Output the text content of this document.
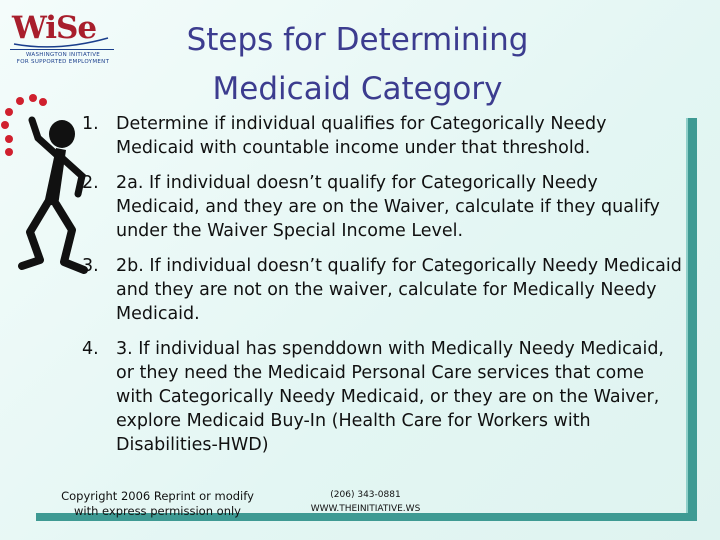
WiSe
WASHINGTON INITIATIVE
FOR SUPPORTED EMPLOYMENT
Steps for Determining
Medicaid Category
1. Determine if individual qualifies for Categorically Needy Medicaid with countable income under that threshold.
2. 2a. If individual doesn’t qualify for Categorically Needy Medicaid, and they are on the Waiver, calculate if they qualify under the Waiver Special Income Level.
3. 2b. If individual doesn’t qualify for Categorically Needy Medicaid and they are not on the waiver, calculate for Medically Needy Medicaid.
4. 3. If individual has spenddown with Medically Needy Medicaid, or they need the Medicaid Personal Care services that come with Categorically Needy Medicaid, or they are on the Waiver, explore Medicaid Buy-In (Health Care for Workers with Disabilities-HWD)
Copyright 2006 Reprint or modify
with express permission only
(206) 343-0881
WWW.THEINITIATIVE.WS
